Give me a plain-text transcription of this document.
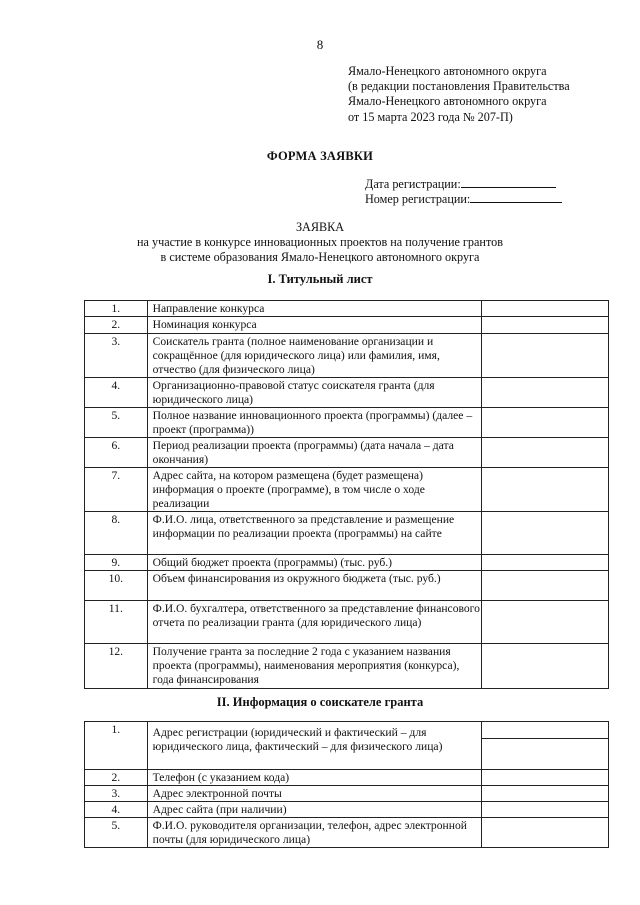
8
Ямало-Ненецкого автономного округа
(в редакции постановления Правительства
Ямало-Ненецкого автономного округа
от 15 марта 2023 года № 207-П)
ФОРМА ЗАЯВКИ
Дата регистрации:
Номер регистрации:
ЗАЯВКА
на участие в конкурсе инновационных проектов на получение грантов
в системе образования Ямало-Ненецкого автономного округа
I. Титульный лист
1.	Направление конкурса	
2.	Номинация конкурса	
3.	Соискатель гранта (полное наименование организации и сокращённое (для юридического лица) или фамилия, имя, отчество (для физического лица)	
4.	Организационно-правовой статус соискателя гранта (для юридического лица)	
5.	Полное название инновационного проекта (программы) (далее – проект (программа))	
6.	Период реализации проекта (программы) (дата начала – дата окончания)	
7.	Адрес сайта, на котором размещена (будет размещена) информация о проекте (программе), в том числе о ходе реализации	
8.	Ф.И.О. лица, ответственного за представление и размещение информации по реализации проекта (программы) на сайте	
9.	Общий бюджет проекта (программы) (тыс. руб.)	
10.	Объем финансирования из окружного бюджета (тыс. руб.)	
11.	Ф.И.О. бухгалтера, ответственного за представление финансового отчета по реализации гранта (для юридического лица)	
12.	Получение гранта за последние 2 года с указанием названия проекта (программы), наименования мероприятия (конкурса), года финансирования	
II. Информация о соискателе гранта
1.	Адрес регистрации (юридический и фактический – для юридического лица, фактический – для физического лица)	

2.	Телефон (с указанием кода)	
3.	Адрес электронной почты	
4.	Адрес сайта (при наличии)	
5.	Ф.И.О. руководителя организации, телефон, адрес электронной почты (для юридического лица)	
